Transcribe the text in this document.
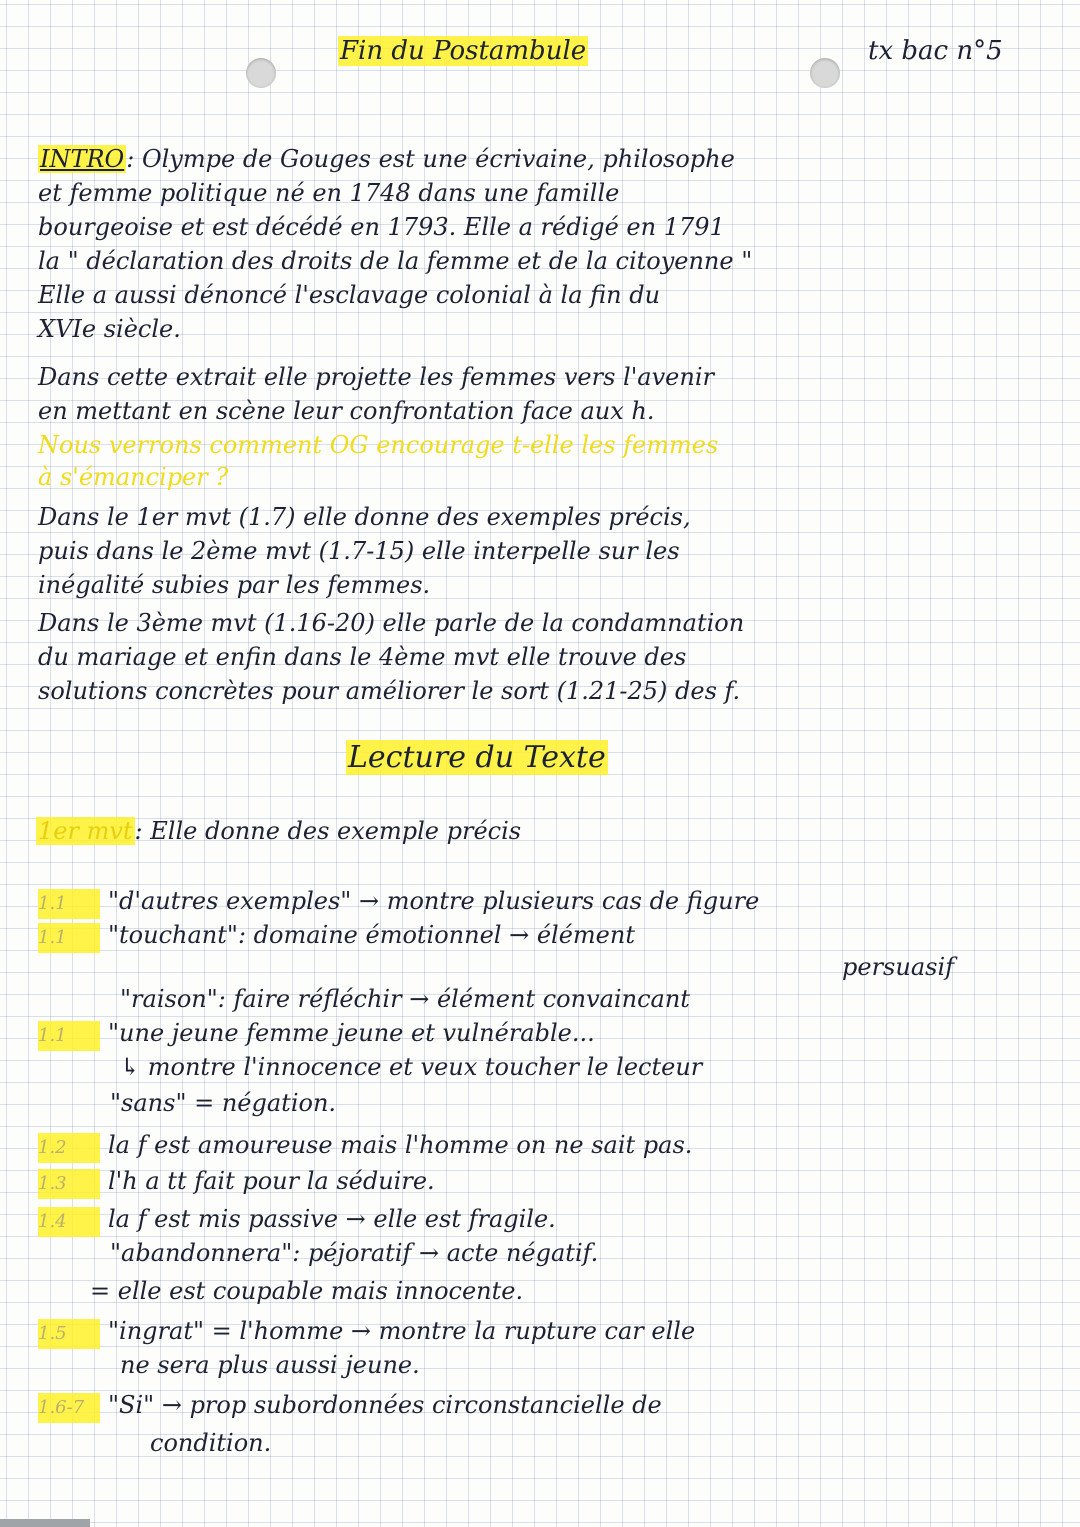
Fin du Postambule	tx bac n°5
INTRO: Olympe de Gouges est une écrivaine, philosophe
et femme politique né en 1748 dans une famille
bourgeoise et est décédé en 1793. Elle a rédigé en 1791
la " déclaration des droits de la femme et de la citoyenne "
Elle a aussi dénoncé l'esclavage colonial à la fin du
XVIe siècle.
Dans cette extrait elle projette les femmes vers l'avenir
en mettant en scène leur confrontation face aux h.
Nous verrons comment OG encourage t-elle les femmes
à s'émanciper ?
Dans le 1er mvt (1.7) elle donne des exemples précis,
puis dans le 2ème mvt (1.7-15) elle interpelle sur les
inégalité subies par les femmes.
Dans le 3ème mvt (1.16-20) elle parle de la condamnation
du mariage et enfin dans le 4ème mvt elle trouve des
solutions concrètes pour améliorer le sort (1.21-25) des f.
Lecture du Texte
1er mvt: Elle donne des exemple précis
1.1 "d'autres exemples" → montre plusieurs cas de figure
1.1 "touchant": domaine émotionnel → élément
persuasif
"raison": faire réfléchir → élément convaincant
1.1 "une jeune femme jeune et vulnérable...
↳ montre l'innocence et veux toucher le lecteur
"sans" = négation.
1.2 la f est amoureuse mais l'homme on ne sait pas.
1.3 l'h a tt fait pour la séduire.
1.4 la f est mis passive → elle est fragile.
"abandonnera": péjoratif → acte négatif.
= elle est coupable mais innocente.
1.5 "ingrat" = l'homme → montre la rupture car elle
ne sera plus aussi jeune.
1.6-7 "Si" → prop subordonnées circonstancielle de
condition.
